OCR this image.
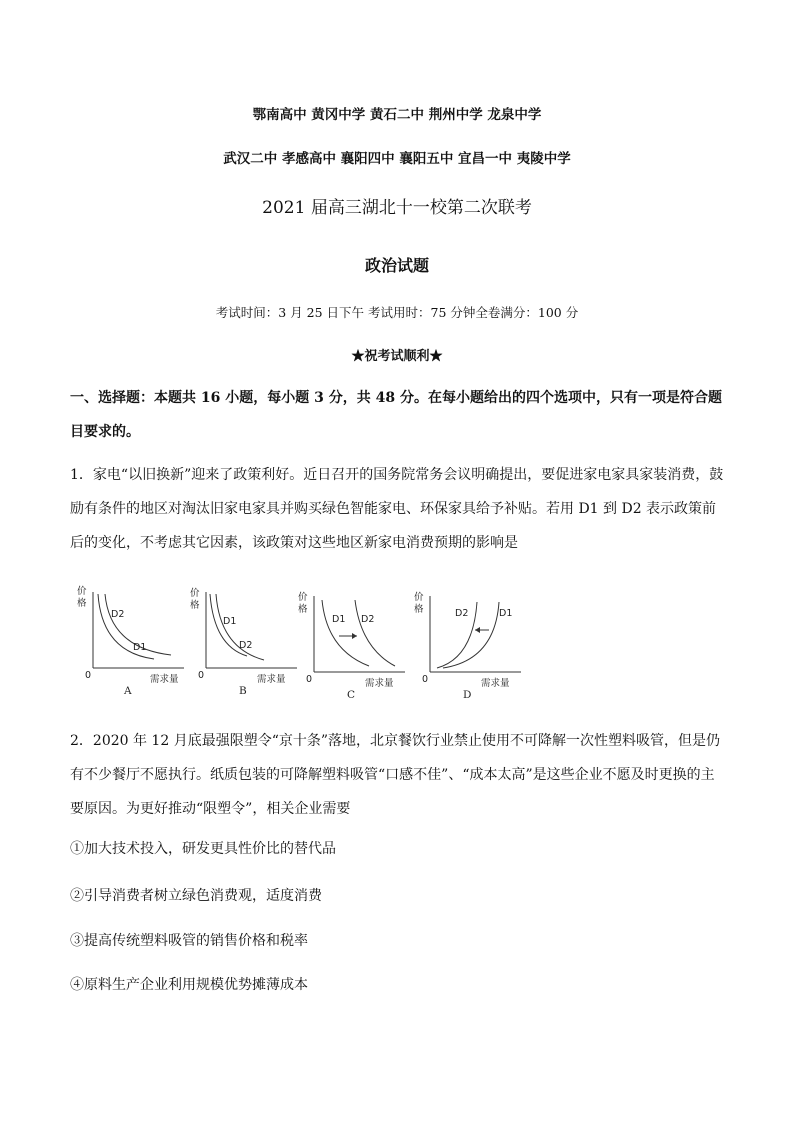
鄂南高中 黄冈中学 黄石二中 荆州中学 龙泉中学
武汉二中 孝感高中 襄阳四中 襄阳五中 宜昌一中 夷陵中学
2021 届高三湖北十一校第二次联考
政治试题
考试时间：3 月 25 日下午 考试用时：75 分钟全卷满分：100 分
★祝考试顺利★
一、选择题：本题共 16 小题，每小题 3 分，共 48 分。在每小题给出的四个选项中，只有一项是符合题目要求的。
1．家电“以旧换新”迎来了政策利好。近日召开的国务院常务会议明确提出，要促进家电家具家装消费，鼓励有条件的地区对淘汰旧家电家具并购买绿色智能家电、环保家具给予补贴。若用 D1 到 D2 表示政策前后的变化，不考虑其它因素，该政策对这些地区新家电消费预期的影响是
价
格
D2
D1
0	需求量
A
价
格
D1
D2
0	需求量
B
价
格
D1 D2
0	需求量
C
价
格	D2	D1
0	需求量
D
2．2020 年 12 月底最强限塑令“京十条”落地，北京餐饮行业禁止使用不可降解一次性塑料吸管，但是仍有不少餐厅不愿执行。纸质包装的可降解塑料吸管“口感不佳”、“成本太高”是这些企业不愿及时更换的主要原因。为更好推动“限塑令”，相关企业需要
①加大技术投入，研发更具性价比的替代品
②引导消费者树立绿色消费观，适度消费
③提高传统塑料吸管的销售价格和税率
④原料生产企业利用规模优势摊薄成本
